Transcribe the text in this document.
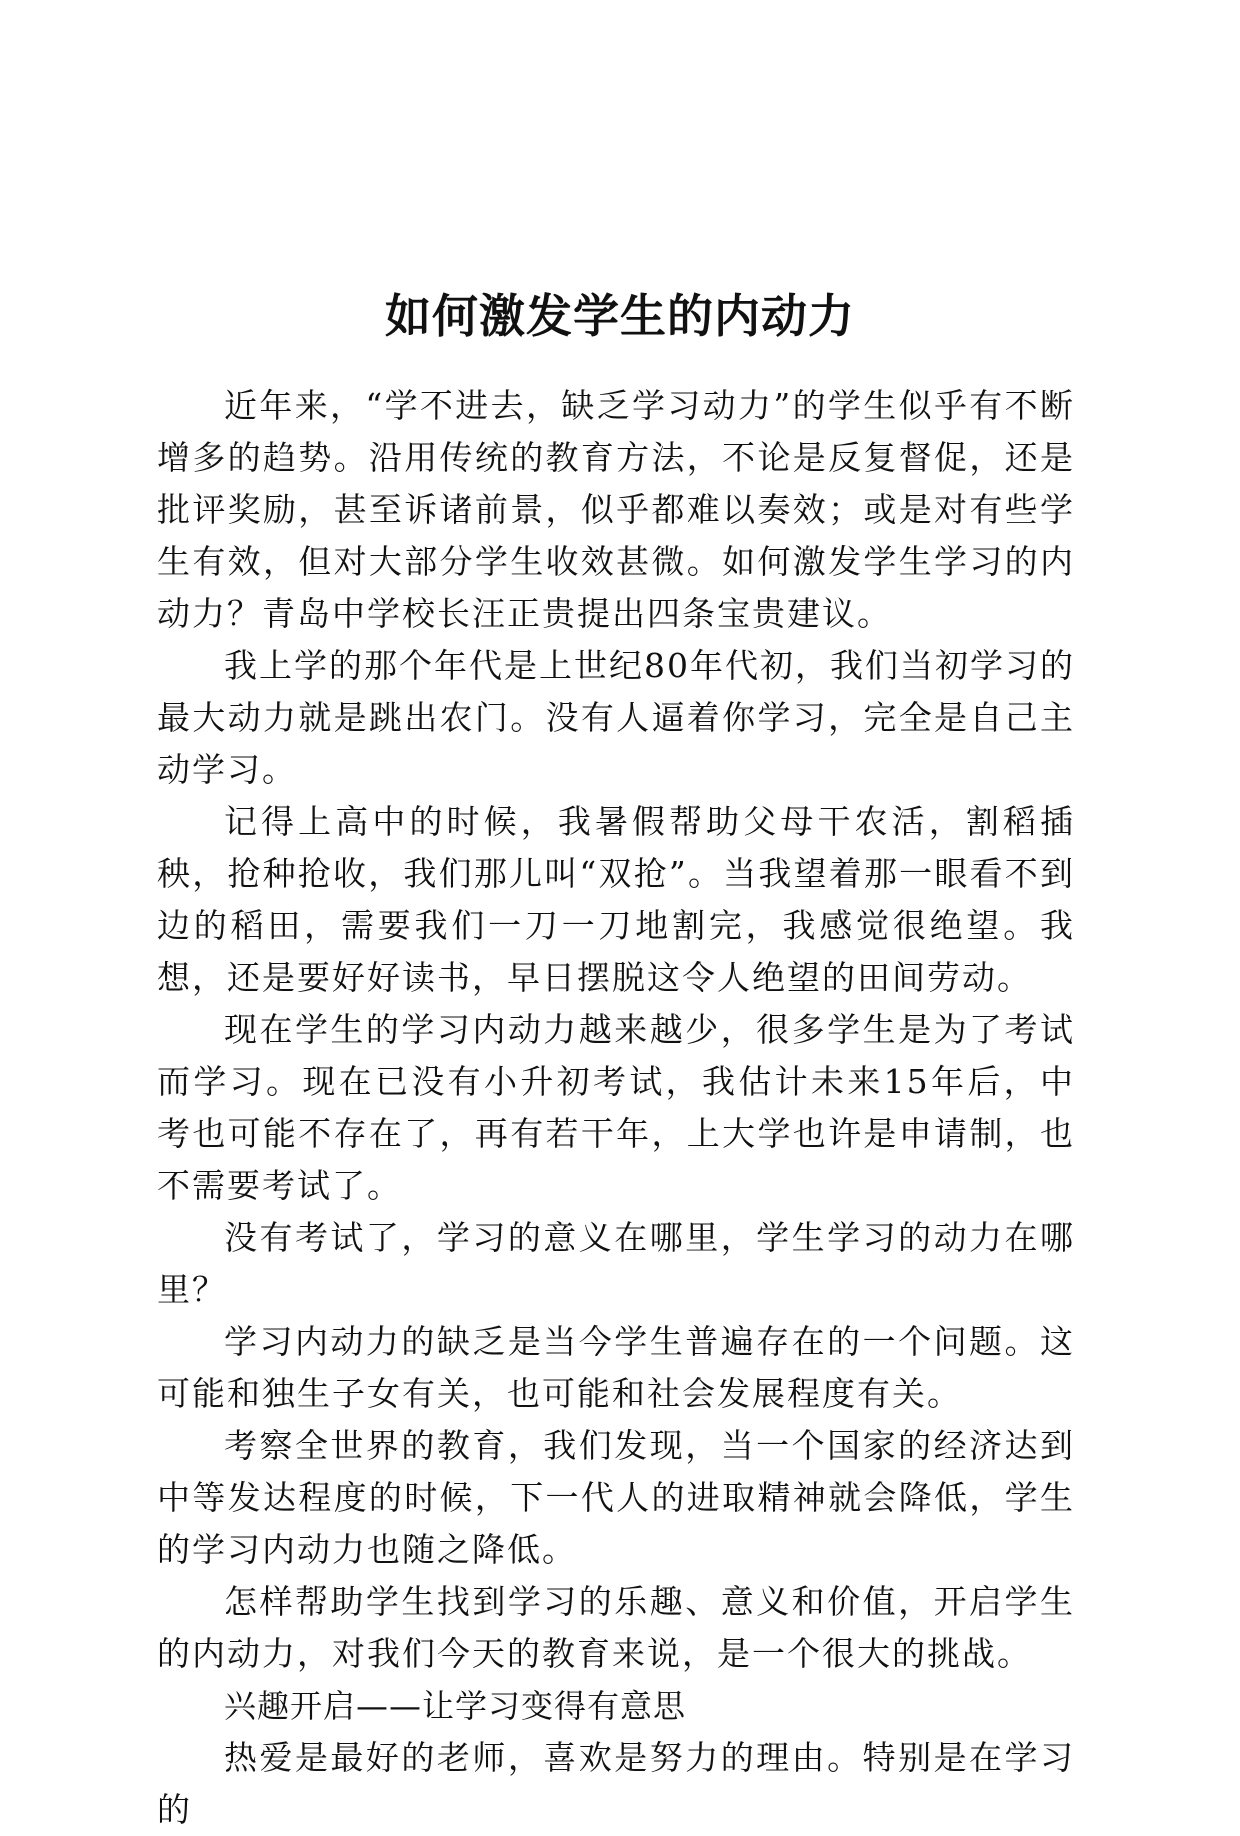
如何激发学生的内动力

近年来，“学不进去，缺乏学习动力”的学生似乎有不断增多的趋势。沿用传统的教育方法，不论是反复督促，还是批评奖励，甚至诉诸前景，似乎都难以奏效；或是对有些学生有效，但对大部分学生收效甚微。如何激发学生学习的内动力？青岛中学校长汪正贵提出四条宝贵建议。

我上学的那个年代是上世纪80年代初，我们当初学习的最大动力就是跳出农门。没有人逼着你学习，完全是自己主动学习。

记得上高中的时候，我暑假帮助父母干农活，割稻插秧，抢种抢收，我们那儿叫“双抢”。当我望着那一眼看不到边的稻田，需要我们一刀一刀地割完，我感觉很绝望。我想，还是要好好读书，早日摆脱这令人绝望的田间劳动。

现在学生的学习内动力越来越少，很多学生是为了考试而学习。现在已没有小升初考试，我估计未来15年后，中考也可能不存在了，再有若干年，上大学也许是申请制，也不需要考试了。

没有考试了，学习的意义在哪里，学生学习的动力在哪里？

学习内动力的缺乏是当今学生普遍存在的一个问题。这可能和独生子女有关，也可能和社会发展程度有关。

考察全世界的教育，我们发现，当一个国家的经济达到中等发达程度的时候，下一代人的进取精神就会降低，学生的学习内动力也随之降低。

怎样帮助学生找到学习的乐趣、意义和价值，开启学生的内动力，对我们今天的教育来说，是一个很大的挑战。

兴趣开启——让学习变得有意思

热爱是最好的老师，喜欢是努力的理由。特别是在学习的
